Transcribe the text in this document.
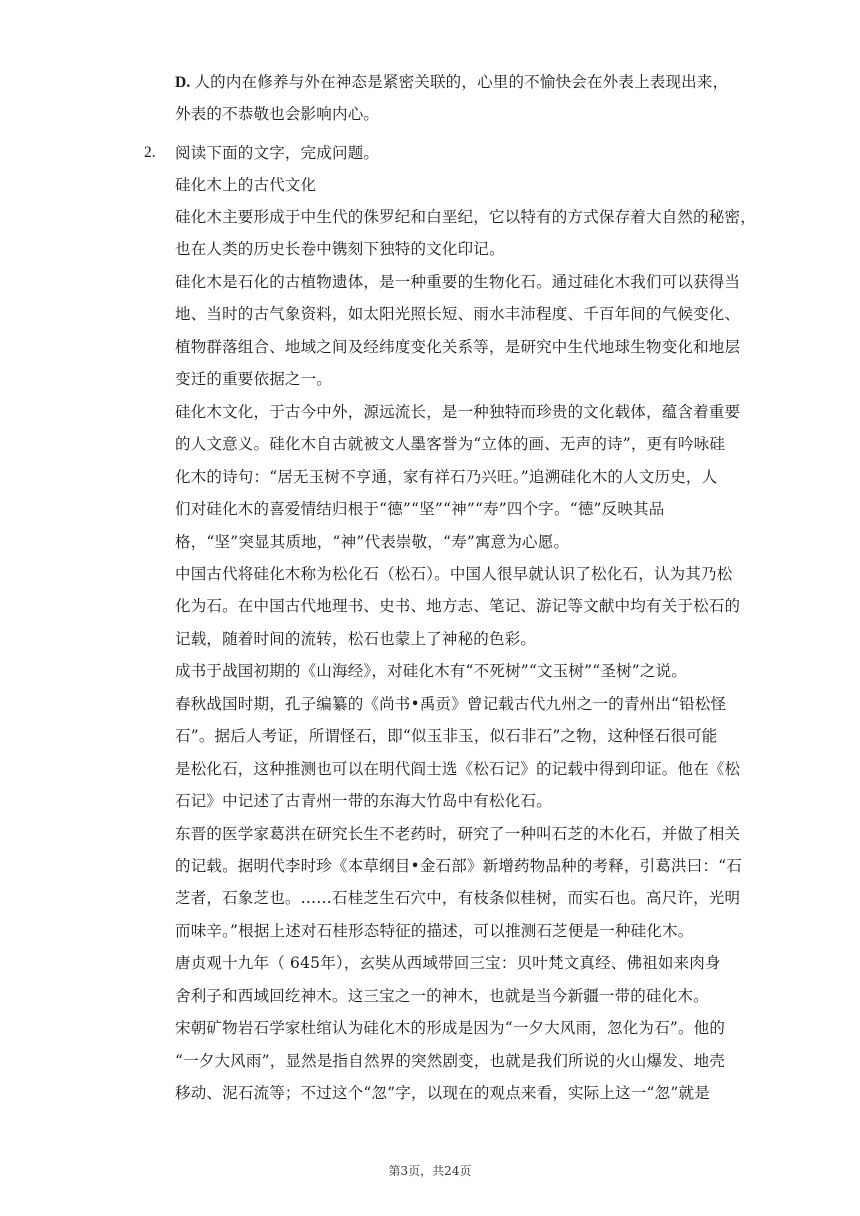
D. 人的内在修养与外在神态是紧密关联的，心里的不愉快会在外表上表现出来，
外表的不恭敬也会影响内心。
2. 阅读下面的文字，完成问题。
硅化木上的古代文化
硅化木主要形成于中生代的侏罗纪和白垩纪，它以特有的方式保存着大自然的秘密，
也在人类的历史长卷中镌刻下独特的文化印记。
硅化木是石化的古植物遗体，是一种重要的生物化石。通过硅化木我们可以获得当
地、当时的古气象资料，如太阳光照长短、雨水丰沛程度、千百年间的气候变化、
植物群落组合、地域之间及经纬度变化关系等，是研究中生代地球生物变化和地层
变迁的重要依据之一。
硅化木文化，于古今中外，源远流长，是一种独特而珍贵的文化载体，蕴含着重要
的人文意义。硅化木自古就被文人墨客誉为“立体的画、无声的诗”，更有吟咏硅
化木的诗句：“居无玉树不亨通，家有祥石乃兴旺。”追溯硅化木的人文历史，人
们对硅化木的喜爱情结归根于“德”“坚”“神”“寿”四个字。“德”反映其品
格，“坚”突显其质地，“神”代表崇敬，“寿”寓意为心愿。
中国古代将硅化木称为松化石（松石）。中国人很早就认识了松化石，认为其乃松
化为石。在中国古代地理书、史书、地方志、笔记、游记等文献中均有关于松石的
记载，随着时间的流转，松石也蒙上了神秘的色彩。
成书于战国初期的《山海经》，对硅化木有“不死树”“文玉树”“圣树”之说。
春秋战国时期，孔子编纂的《尚书•禹贡》曾记载古代九州之一的青州出“铅松怪
石”。据后人考证，所谓怪石，即“似玉非玉，似石非石”之物，这种怪石很可能
是松化石，这种推测也可以在明代阎士选《松石记》的记载中得到印证。他在《松
石记》中记述了古青州一带的东海大竹岛中有松化石。
东晋的医学家葛洪在研究长生不老药时，研究了一种叫石芝的木化石，并做了相关
的记载。据明代李时珍《本草纲目•金石部》新增药物品种的考释，引葛洪曰：“石
芝者，石象芝也。……石桂芝生石穴中，有枝条似桂树，而实石也。高尺许，光明
而味辛。”根据上述对石桂形态特征的描述，可以推测石芝便是一种硅化木。
唐贞观十九年（ 645年），玄奘从西域带回三宝：贝叶梵文真经、佛祖如来肉身
舍利子和西域回纥神木。这三宝之一的神木，也就是当今新疆一带的硅化木。
宋朝矿物岩石学家杜绾认为硅化木的形成是因为“一夕大风雨，忽化为石”。他的
“一夕大风雨”，显然是指自然界的突然剧变，也就是我们所说的火山爆发、地壳
移动、泥石流等；不过这个“忽”字，以现在的观点来看，实际上这一“忽”就是
第3页，共24页
